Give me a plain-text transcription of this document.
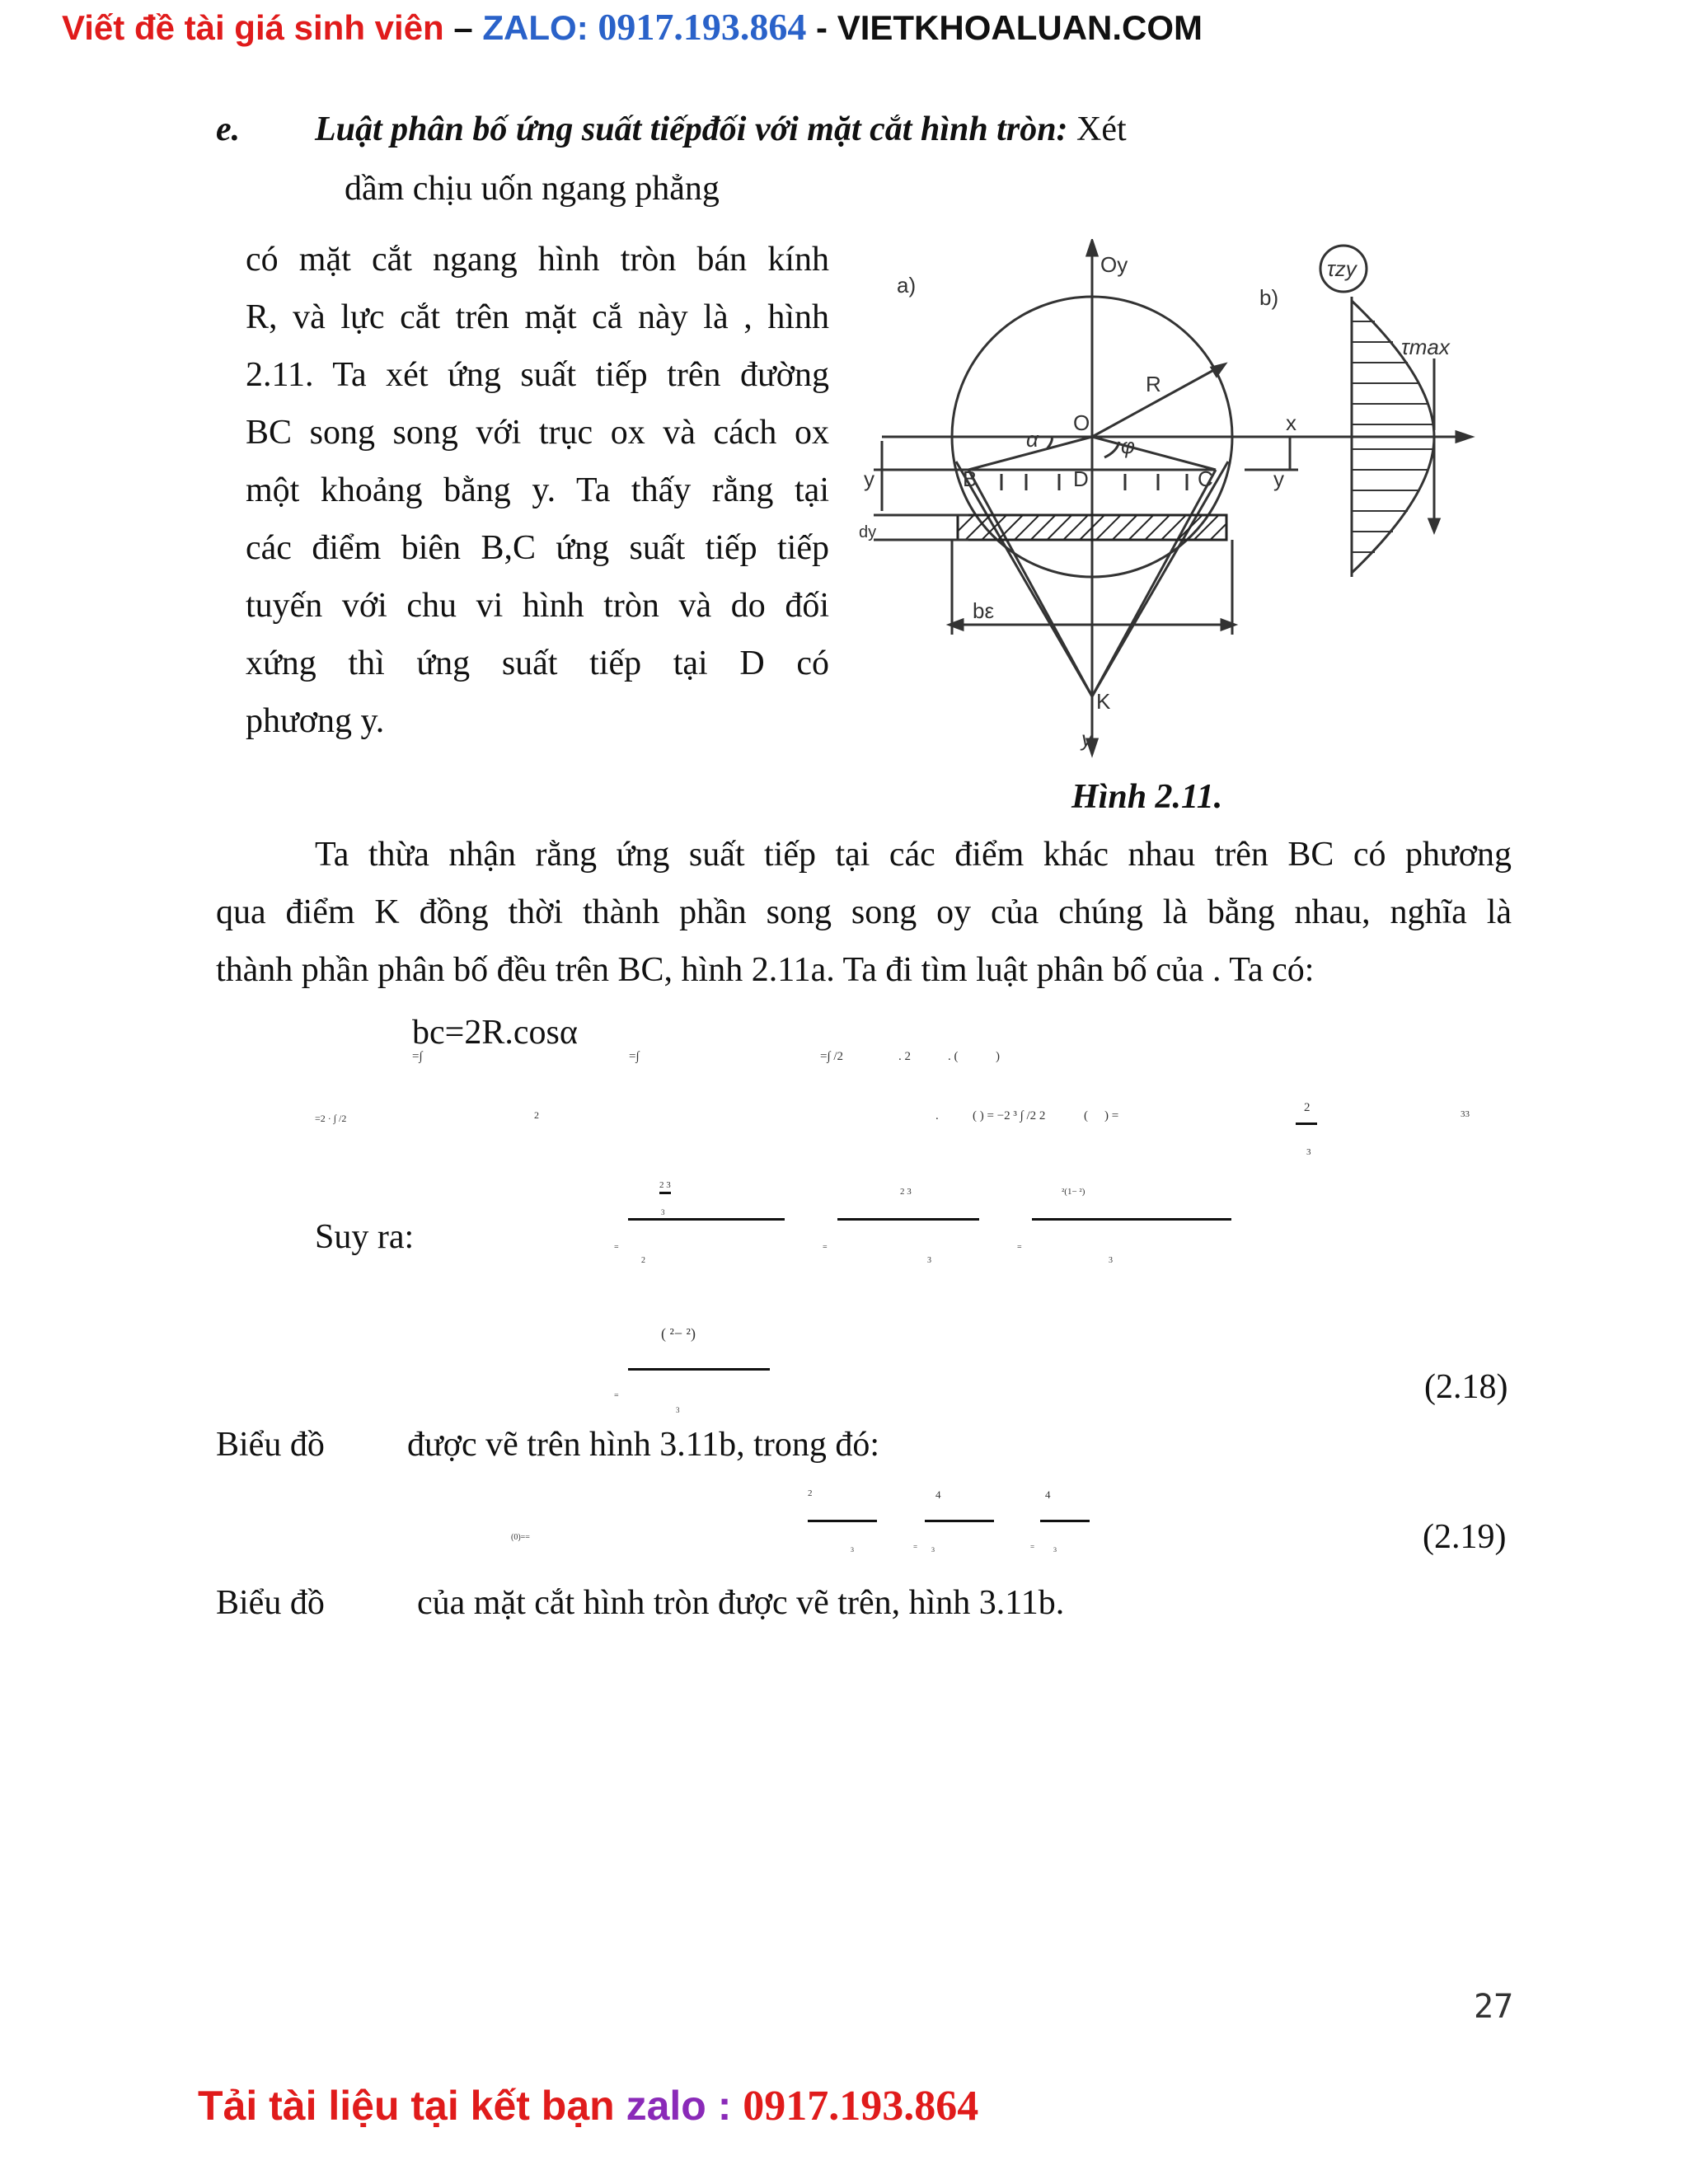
Viết đề tài giá sinh viên – ZALO: 0917.193.864 - VIETKHOALUAN.COM
e. Luật phân bố ứng suất tiếpđối với mặt cắt hình tròn: Xét
dầm chịu uốn ngang phẳng
có mặt cắt ngang hình tròn bán kính
R, và lực cắt trên mặt cắ này là , hình
2.11. Ta xét ứng suất tiếp trên đường
BC song song với trục ox và cách ox
một khoảng bằng y. Ta thấy rằng tại
các điểm biên B,C ứng suất tiếp tiếp
tuyến với chu vi hình tròn và do đối
xứng thì ứng suất tiếp tại D có
phương y.
a)	b)
Oy	τzy
τmax
R
O	x
α	φ
B	D	C	y
y
dy
bε
K
y
Hình 2.11.
Ta thừa nhận rằng ứng suất tiếp tại các điểm khác nhau trên BC có phương
qua điểm K đồng thời thành phần song song oy của chúng là bằng nhau, nghĩa là
thành phần phân bố đều trên BC, hình 2.11a. Ta đi tìm luật phân bố của . Ta có:
bc=2R.cosα
=∫	=∫	=∫ /2	. 2	. (	)
=2 · ∫ /2	2	.	( ) = −2 ³ ∫ /2 2	( ) =
2
3
33
Suy ra:
2 3
3
=
2
2 3
=
3
²(1− ²)
=
3
( ²− ²)
=
3
(2.18)
Biểu đồ được vẽ trên hình 3.11b, trong đó:
(0)==
2
3
4
= 3
4
=	3	(2.19)
Biểu đồ	của mặt cắt hình tròn được vẽ trên, hình 3.11b.
27
Tải tài liệu tại kết bạn zalo : 0917.193.864
